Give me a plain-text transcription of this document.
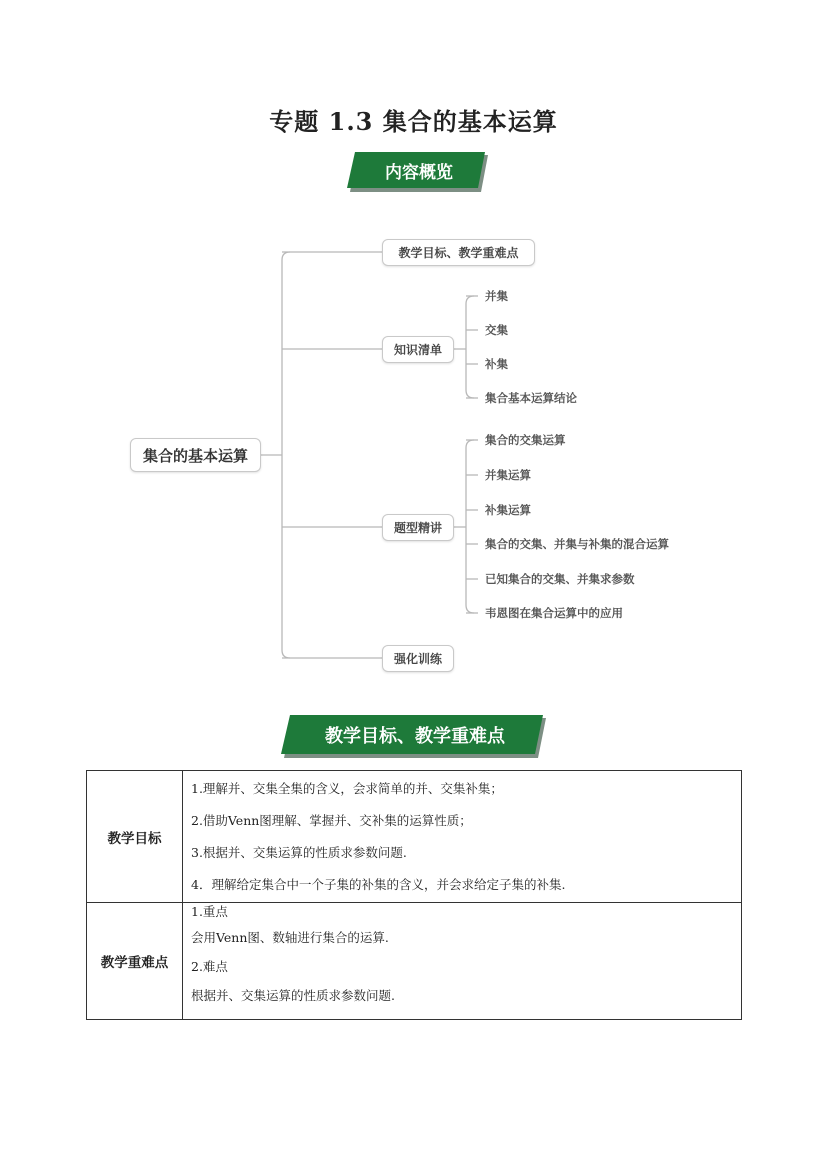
专题 1.3 集合的基本运算
内容概览
集合的基本运算
教学目标、教学重难点
知识清单
题型精讲
强化训练
并集
交集
补集
集合基本运算结论
集合的交集运算
并集运算
补集运算
集合的交集、并集与补集的混合运算
已知集合的交集、并集求参数
韦恩图在集合运算中的应用
教学目标、教学重难点
教学目标	1.理解并、交集全集的含义，会求简单的并、交集补集；
2.借助Venn图理解、掌握并、交补集的运算性质；
3.根据并、交集运算的性质求参数问题.
4．理解给定集合中一个子集的补集的含义，并会求给定子集的补集.

教学重难点	1.重点
会用Venn图、数轴进行集合的运算.
2.难点
根据并、交集运算的性质求参数问题.
